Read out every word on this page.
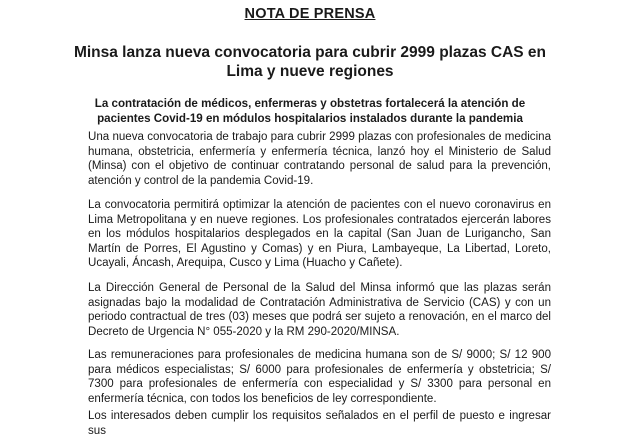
NOTA DE PRENSA
Minsa lanza nueva convocatoria para cubrir 2999 plazas CAS en Lima y nueve regiones
La contratación de médicos, enfermeras y obstetras fortalecerá la atención de pacientes Covid-19 en módulos hospitalarios instalados durante la pandemia

Una nueva convocatoria de trabajo para cubrir 2999 plazas con profesionales de medicina humana, obstetricia, enfermería y enfermería técnica, lanzó hoy el Ministerio de Salud (Minsa) con el objetivo de continuar contratando personal de salud para la prevención, atención y control de la pandemia Covid-19.

La convocatoria permitirá optimizar la atención de pacientes con el nuevo coronavirus en Lima Metropolitana y en nueve regiones. Los profesionales contratados ejercerán labores en los módulos hospitalarios desplegados en la capital (San Juan de Lurigancho, San Martín de Porres, El Agustino y Comas) y en Piura, Lambayeque, La Libertad, Loreto, Ucayali, Áncash, Arequipa, Cusco y Lima (Huacho y Cañete).

La Dirección General de Personal de la Salud del Minsa informó que las plazas serán asignadas bajo la modalidad de Contratación Administrativa de Servicio (CAS) y con un periodo contractual de tres (03) meses que podrá ser sujeto a renovación, en el marco del Decreto de Urgencia N° 055-2020 y la RM 290-2020/MINSA.

Las remuneraciones para profesionales de medicina humana son de S/ 9000; S/ 12 900 para médicos especialistas; S/ 6000 para profesionales de enfermería y obstetricia; S/ 7300 para profesionales de enfermería con especialidad y S/ 3300 para personal en enfermería técnica, con todos los beneficios de ley correspondiente.

Los interesados deben cumplir los requisitos señalados en el perfil de puesto e ingresar sus
